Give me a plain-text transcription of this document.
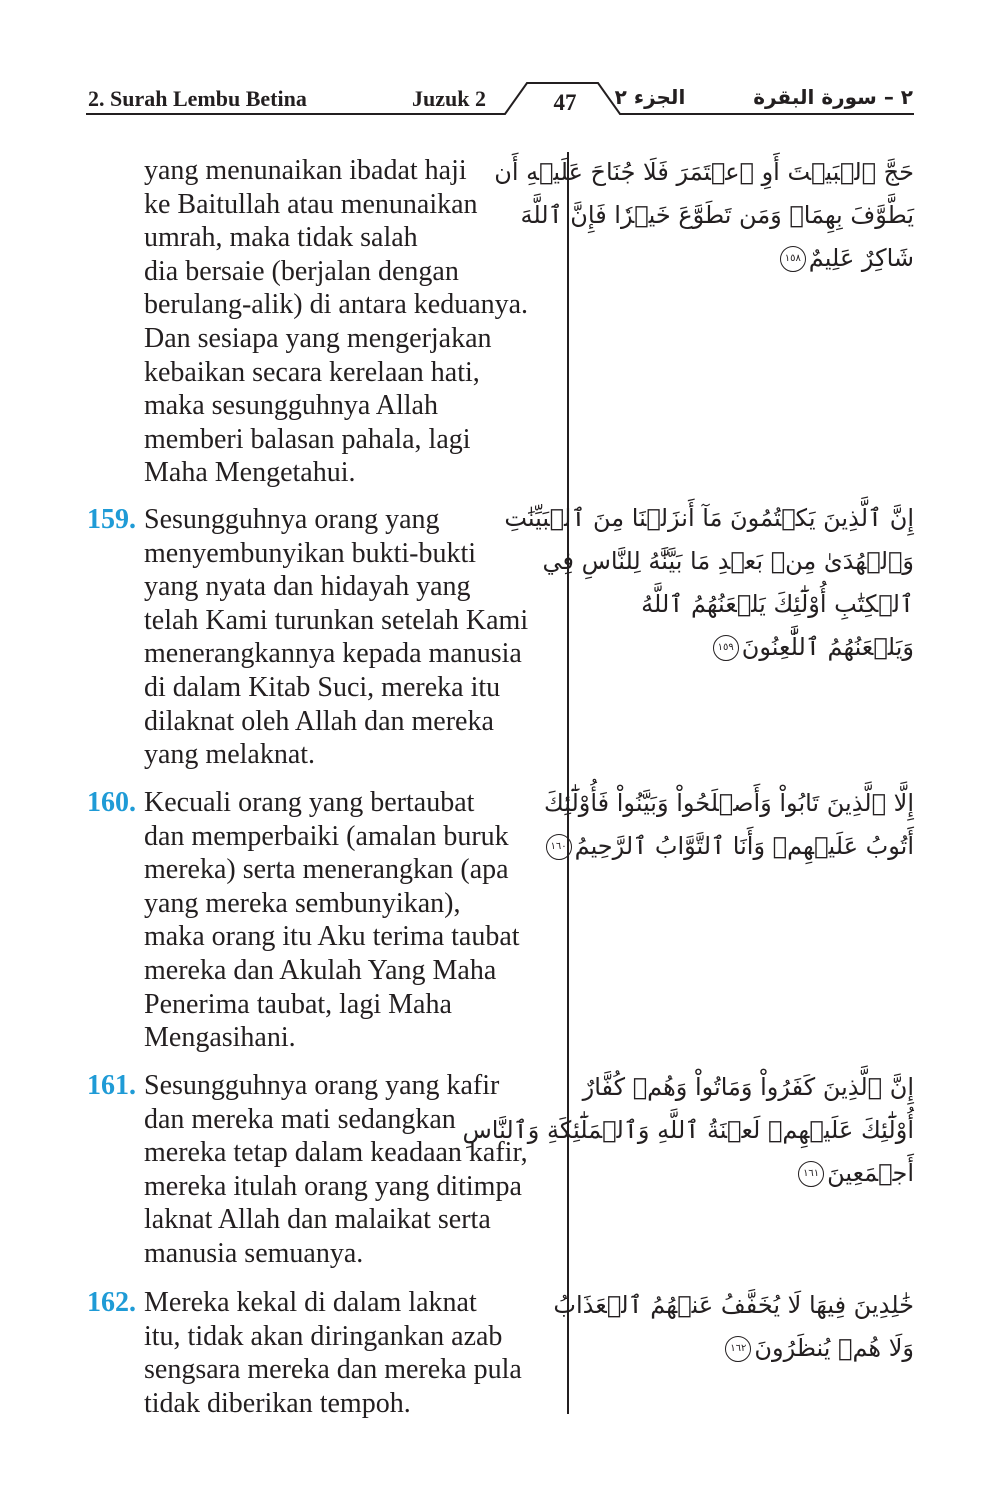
2. Surah Lembu Betina	Juzuk 2	47	الجزء ٢	٢ – سورة البقرة
yang menunaikan ibadat haji
ke Baitullah atau menunaikan
umrah, maka tidak salah
dia bersaie (berjalan dengan
berulang-alik) di antara keduanya.
Dan sesiapa yang mengerjakan
kebaikan secara kerelaan hati,
maka sesungguhnya Allah
memberi balasan pahala, lagi
Maha Mengetahui.
حَجَّ ٱلۡبَيۡتَ أَوِ ٱعۡتَمَرَ فَلَا جُنَاحَ عَلَيۡهِ أَن
يَطَّوَّفَ بِهِمَاۚ وَمَن تَطَوَّعَ خَيۡرٗا فَإِنَّ ٱللَّهَ
شَاكِرٌ عَلِيمٌ١٥٨
159. Sesungguhnya orang yang
menyembunyikan bukti-bukti
yang nyata dan hidayah yang
telah Kami turunkan setelah Kami
menerangkannya kepada manusia
di dalam Kitab Suci, mereka itu
dilaknat oleh Allah dan mereka
yang melaknat.
إِنَّ ٱلَّذِينَ يَكۡتُمُونَ مَآ أَنزَلۡنَا مِنَ ٱلۡبَيِّنَٰتِ
وَٱلۡهُدَىٰ مِنۢ بَعۡدِ مَا بَيَّنَّٰهُ لِلنَّاسِ فِي
ٱلۡكِتَٰبِ أُوْلَٰٓئِكَ يَلۡعَنُهُمُ ٱللَّهُ
وَيَلۡعَنُهُمُ ٱللَّٰعِنُونَ١٥٩
160. Kecuali orang yang bertaubat
dan memperbaiki (amalan buruk
mereka) serta menerangkan (apa
yang mereka sembunyikan),
maka orang itu Aku terima taubat
mereka dan Akulah Yang Maha
Penerima taubat, lagi Maha
Mengasihani.
إِلَّا ٱلَّذِينَ تَابُواْ وَأَصۡلَحُواْ وَبَيَّنُواْ فَأُوْلَٰٓئِكَ
أَتُوبُ عَلَيۡهِمۡ وَأَنَا ٱلتَّوَّابُ ٱلرَّحِيمُ١٦٠
161. Sesungguhnya orang yang kafir
dan mereka mati sedangkan
mereka tetap dalam keadaan kafir,
mereka itulah orang yang ditimpa
laknat Allah dan malaikat serta
manusia semuanya.
إِنَّ ٱلَّذِينَ كَفَرُواْ وَمَاتُواْ وَهُمۡ كُفَّارٌ
أُوْلَٰٓئِكَ عَلَيۡهِمۡ لَعۡنَةُ ٱللَّهِ وَٱلۡمَلَٰٓئِكَةِ وَٱلنَّاسِ
أَجۡمَعِينَ١٦١
162. Mereka kekal di dalam laknat
itu, tidak akan diringankan azab
sengsara mereka dan mereka pula
tidak diberikan tempoh.
خَٰلِدِينَ فِيهَا لَا يُخَفَّفُ عَنۡهُمُ ٱلۡعَذَابُ
وَلَا هُمۡ يُنظَرُونَ١٦٢
